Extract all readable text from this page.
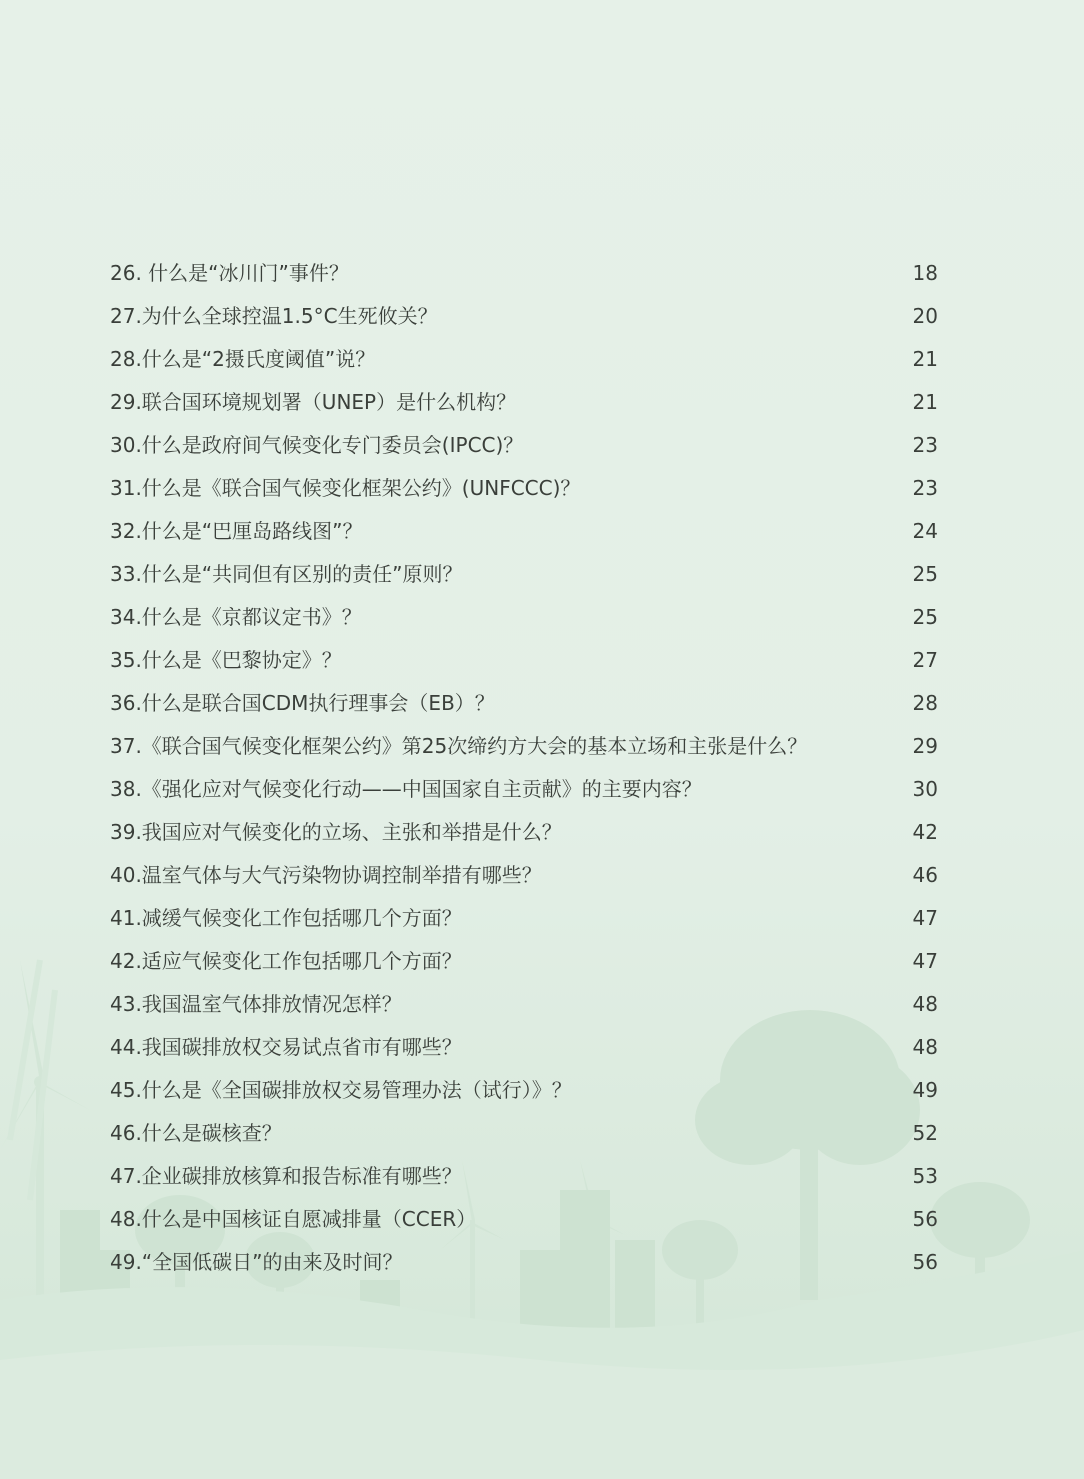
26. 什么是“冰川门”事件？	18
27.为什么全球控温1.5°C生死攸关？	20
28.什么是“2摄氏度阈值”说？	21
29.联合国环境规划署（UNEP）是什么机构？	21
30.什么是政府间气候变化专门委员会(IPCC)？	23
31.什么是《联合国气候变化框架公约》(UNFCCC)？	23
32.什么是“巴厘岛路线图”？	24
33.什么是“共同但有区别的责任”原则？	25
34.什么是《京都议定书》？	25
35.什么是《巴黎协定》？	27
36.什么是联合国CDM执行理事会（EB）？	28
37.《联合国气候变化框架公约》第25次缔约方大会的基本立场和主张是什么？	29
38.《强化应对气候变化行动——中国国家自主贡献》的主要内容？	30
39.我国应对气候变化的立场、主张和举措是什么？	42
40.温室气体与大气污染物协调控制举措有哪些？	46
41.减缓气候变化工作包括哪几个方面？	47
42.适应气候变化工作包括哪几个方面？	47
43.我国温室气体排放情况怎样？	48
44.我国碳排放权交易试点省市有哪些？	48
45.什么是《全国碳排放权交易管理办法（试行）》？	49
46.什么是碳核查？	52
47.企业碳排放核算和报告标准有哪些？	53
48.什么是中国核证自愿减排量（CCER）	56
49.“全国低碳日”的由来及时间？	56
